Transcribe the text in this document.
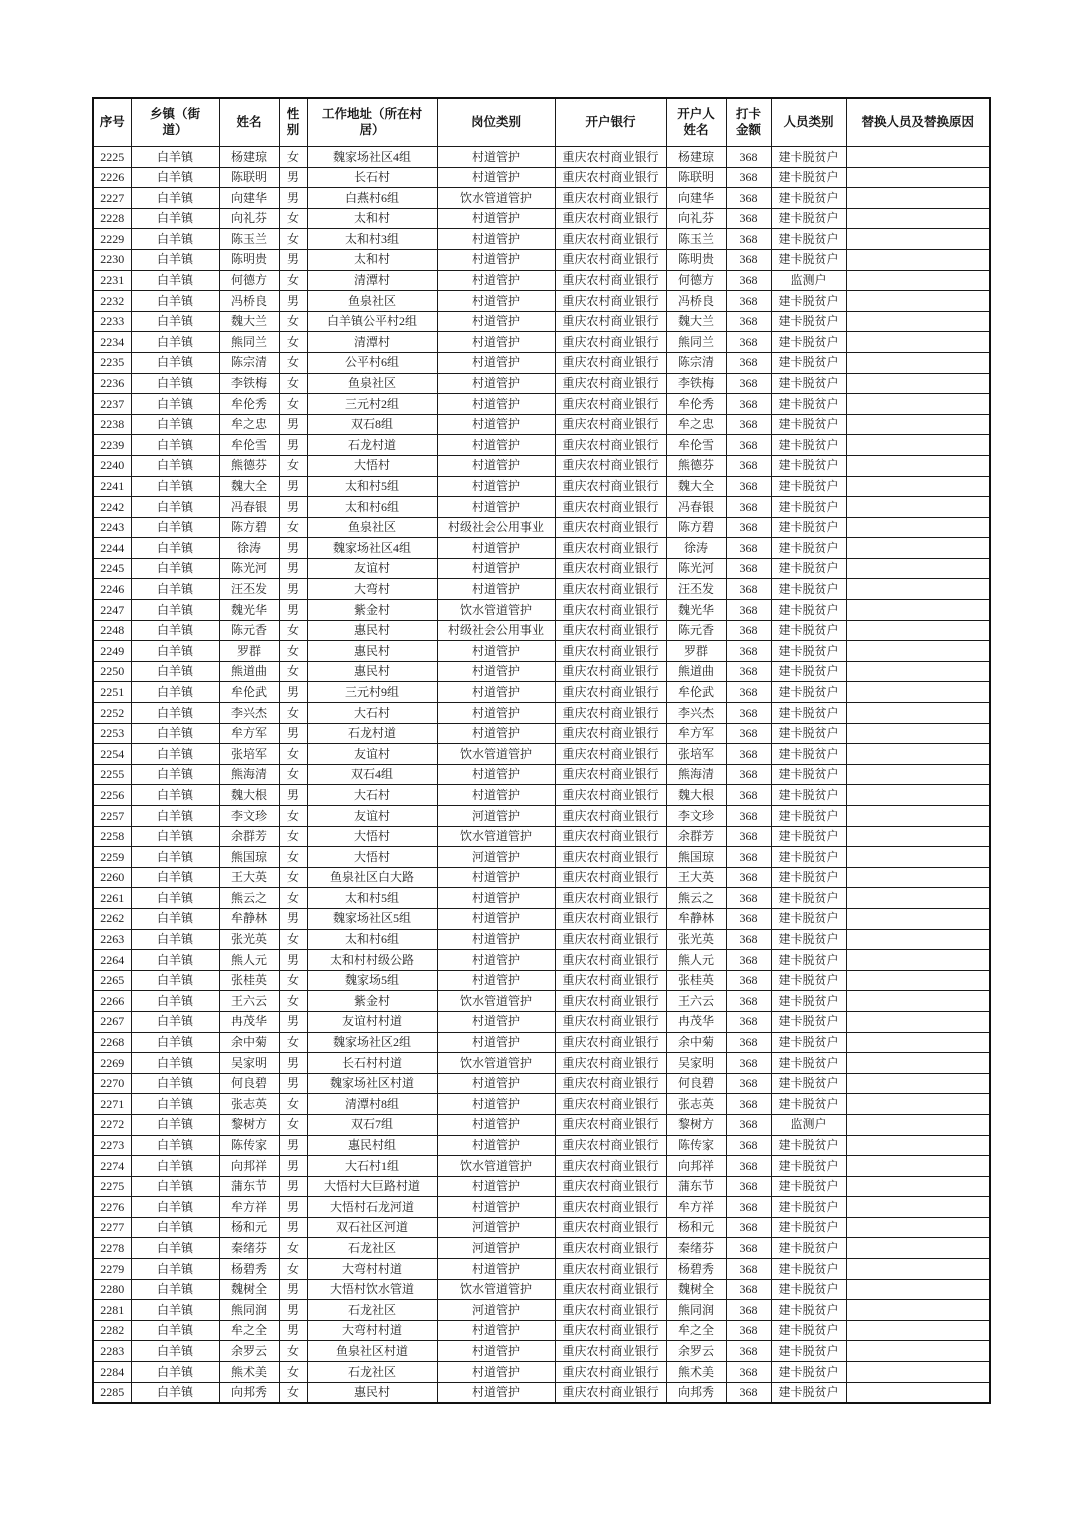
序号	乡镇（街道）	姓名	性别	工作地址（所在村居）	岗位类别	开户银行	开户人姓名	打卡金额	人员类别	替换人员及替换原因
2225	白羊镇	杨建琼	女	魏家场社区4组	村道管护	重庆农村商业银行	杨建琼	368	建卡脱贫户	
2226	白羊镇	陈联明	男	长石村	村道管护	重庆农村商业银行	陈联明	368	建卡脱贫户	
2227	白羊镇	向建华	男	白燕村6组	饮水管道管护	重庆农村商业银行	向建华	368	建卡脱贫户	
2228	白羊镇	向礼芬	女	太和村	村道管护	重庆农村商业银行	向礼芬	368	建卡脱贫户	
2229	白羊镇	陈玉兰	女	太和村3组	村道管护	重庆农村商业银行	陈玉兰	368	建卡脱贫户	
2230	白羊镇	陈明贵	男	太和村	村道管护	重庆农村商业银行	陈明贵	368	建卡脱贫户	
2231	白羊镇	何德方	女	清潭村	村道管护	重庆农村商业银行	何德方	368	监测户	
2232	白羊镇	冯桥良	男	鱼泉社区	村道管护	重庆农村商业银行	冯桥良	368	建卡脱贫户	
2233	白羊镇	魏大兰	女	白羊镇公平村2组	村道管护	重庆农村商业银行	魏大兰	368	建卡脱贫户	
2234	白羊镇	熊同兰	女	清潭村	村道管护	重庆农村商业银行	熊同兰	368	建卡脱贫户	
2235	白羊镇	陈宗清	女	公平村6组	村道管护	重庆农村商业银行	陈宗清	368	建卡脱贫户	
2236	白羊镇	李铁梅	女	鱼泉社区	村道管护	重庆农村商业银行	李铁梅	368	建卡脱贫户	
2237	白羊镇	牟伦秀	女	三元村2组	村道管护	重庆农村商业银行	牟伦秀	368	建卡脱贫户	
2238	白羊镇	牟之忠	男	双石8组	村道管护	重庆农村商业银行	牟之忠	368	建卡脱贫户	
2239	白羊镇	牟伦雪	男	石龙村道	村道管护	重庆农村商业银行	牟伦雪	368	建卡脱贫户	
2240	白羊镇	熊德芬	女	大悟村	村道管护	重庆农村商业银行	熊德芬	368	建卡脱贫户	
2241	白羊镇	魏大全	男	太和村5组	村道管护	重庆农村商业银行	魏大全	368	建卡脱贫户	
2242	白羊镇	冯春银	男	太和村6组	村道管护	重庆农村商业银行	冯春银	368	建卡脱贫户	
2243	白羊镇	陈方碧	女	鱼泉社区	村级社会公用事业	重庆农村商业银行	陈方碧	368	建卡脱贫户	
2244	白羊镇	徐涛	男	魏家场社区4组	村道管护	重庆农村商业银行	徐涛	368	建卡脱贫户	
2245	白羊镇	陈光河	男	友谊村	村道管护	重庆农村商业银行	陈光河	368	建卡脱贫户	
2246	白羊镇	汪丕发	男	大弯村	村道管护	重庆农村商业银行	汪丕发	368	建卡脱贫户	
2247	白羊镇	魏光华	男	紫金村	饮水管道管护	重庆农村商业银行	魏光华	368	建卡脱贫户	
2248	白羊镇	陈元香	女	惠民村	村级社会公用事业	重庆农村商业银行	陈元香	368	建卡脱贫户	
2249	白羊镇	罗群	女	惠民村	村道管护	重庆农村商业银行	罗群	368	建卡脱贫户	
2250	白羊镇	熊道曲	女	惠民村	村道管护	重庆农村商业银行	熊道曲	368	建卡脱贫户	
2251	白羊镇	牟伦武	男	三元村9组	村道管护	重庆农村商业银行	牟伦武	368	建卡脱贫户	
2252	白羊镇	李兴杰	女	大石村	村道管护	重庆农村商业银行	李兴杰	368	建卡脱贫户	
2253	白羊镇	牟方军	男	石龙村道	村道管护	重庆农村商业银行	牟方军	368	建卡脱贫户	
2254	白羊镇	张培军	女	友谊村	饮水管道管护	重庆农村商业银行	张培军	368	建卡脱贫户	
2255	白羊镇	熊海清	女	双石4组	村道管护	重庆农村商业银行	熊海清	368	建卡脱贫户	
2256	白羊镇	魏大根	男	大石村	村道管护	重庆农村商业银行	魏大根	368	建卡脱贫户	
2257	白羊镇	李文珍	女	友谊村	河道管护	重庆农村商业银行	李文珍	368	建卡脱贫户	
2258	白羊镇	余群芳	女	大悟村	饮水管道管护	重庆农村商业银行	余群芳	368	建卡脱贫户	
2259	白羊镇	熊国琼	女	大悟村	河道管护	重庆农村商业银行	熊国琼	368	建卡脱贫户	
2260	白羊镇	王大英	女	鱼泉社区白大路	村道管护	重庆农村商业银行	王大英	368	建卡脱贫户	
2261	白羊镇	熊云之	女	太和村5组	村道管护	重庆农村商业银行	熊云之	368	建卡脱贫户	
2262	白羊镇	牟静林	男	魏家场社区5组	村道管护	重庆农村商业银行	牟静林	368	建卡脱贫户	
2263	白羊镇	张光英	女	太和村6组	村道管护	重庆农村商业银行	张光英	368	建卡脱贫户	
2264	白羊镇	熊人元	男	太和村村级公路	村道管护	重庆农村商业银行	熊人元	368	建卡脱贫户	
2265	白羊镇	张桂英	女	魏家场5组	村道管护	重庆农村商业银行	张桂英	368	建卡脱贫户	
2266	白羊镇	王六云	女	紫金村	饮水管道管护	重庆农村商业银行	王六云	368	建卡脱贫户	
2267	白羊镇	冉茂华	男	友谊村村道	村道管护	重庆农村商业银行	冉茂华	368	建卡脱贫户	
2268	白羊镇	余中菊	女	魏家场社区2组	村道管护	重庆农村商业银行	余中菊	368	建卡脱贫户	
2269	白羊镇	吴家明	男	长石村村道	饮水管道管护	重庆农村商业银行	吴家明	368	建卡脱贫户	
2270	白羊镇	何良碧	男	魏家场社区村道	村道管护	重庆农村商业银行	何良碧	368	建卡脱贫户	
2271	白羊镇	张志英	女	清潭村8组	村道管护	重庆农村商业银行	张志英	368	建卡脱贫户	
2272	白羊镇	黎树方	女	双石7组	村道管护	重庆农村商业银行	黎树方	368	监测户	
2273	白羊镇	陈传家	男	惠民村组	村道管护	重庆农村商业银行	陈传家	368	建卡脱贫户	
2274	白羊镇	向邦祥	男	大石村1组	饮水管道管护	重庆农村商业银行	向邦祥	368	建卡脱贫户	
2275	白羊镇	蒲东节	男	大悟村大巨路村道	村道管护	重庆农村商业银行	蒲东节	368	建卡脱贫户	
2276	白羊镇	牟方祥	男	大悟村石龙河道	村道管护	重庆农村商业银行	牟方祥	368	建卡脱贫户	
2277	白羊镇	杨和元	男	双石社区河道	河道管护	重庆农村商业银行	杨和元	368	建卡脱贫户	
2278	白羊镇	秦绪芬	女	石龙社区	河道管护	重庆农村商业银行	秦绪芬	368	建卡脱贫户	
2279	白羊镇	杨碧秀	女	大弯村村道	村道管护	重庆农村商业银行	杨碧秀	368	建卡脱贫户	
2280	白羊镇	魏树全	男	大悟村饮水管道	饮水管道管护	重庆农村商业银行	魏树全	368	建卡脱贫户	
2281	白羊镇	熊同润	男	石龙社区	河道管护	重庆农村商业银行	熊同润	368	建卡脱贫户	
2282	白羊镇	牟之全	男	大弯村村道	村道管护	重庆农村商业银行	牟之全	368	建卡脱贫户	
2283	白羊镇	余罗云	女	鱼泉社区村道	村道管护	重庆农村商业银行	余罗云	368	建卡脱贫户	
2284	白羊镇	熊术美	女	石龙社区	村道管护	重庆农村商业银行	熊术美	368	建卡脱贫户	
2285	白羊镇	向邦秀	女	惠民村	村道管护	重庆农村商业银行	向邦秀	368	建卡脱贫户	
